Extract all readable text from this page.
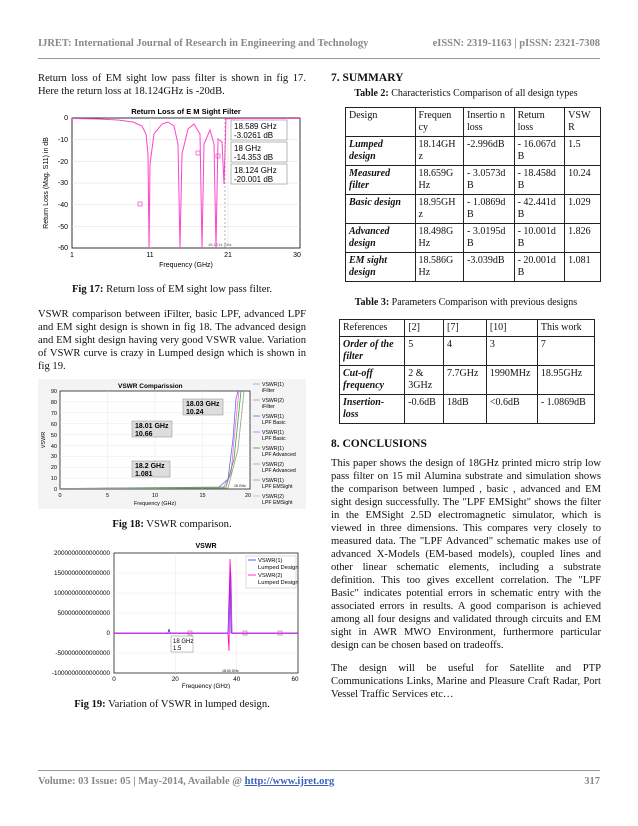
IJRET: International Journal of Research in Engineering and Technology	eISSN: 2319-1163 | pISSN: 2321-7308

Return loss of EM sight low pass filter is shown in fig 17. Here the return loss at 18.124GHz is -20dB.

Return Loss of E M Sight Filter
0
-10
-20
-30
-40
-50
-60
1	11	21	30
Frequency (GHz)
Return Loss (Mag. S11) in dB
18.589 GHz
-3.0261 dB
18 GHz
-14.353 dB
18.124 GHz
-20.001 dB
18.1214 GHz

Fig 17: Return loss of EM sight low pass filter.

VSWR comparison between iFilter, basic LPF, advanced LPF and EM sight design is shown in fig 18. The advanced design and EM sight design having very good VSWR value. Variation of VSWR curve is crazy in Lumped design which is shown in fig 19.

VSWR Comparission
90
80
70
60
50
40
30
20
10
0
0	5	10	15	20
Frequency (GHz)
VSWR
18.03 GHz
10.24
18.01 GHz
10.66
18.2 GHz
1.081
18 GHz
VSWR(1)
iFilter
VSWR(2)
iFilter
VSWR(1)
LPF Basic
VSWR(1)
LPF Basic
VSWR(1)
LPF Advanced
VSWR(2)
LPF Advanced
VSWR(1)
LPF EMSight
VSWR(2)
LPF EMSight

Fig 18: VSWR comparison.

VSWR
2000000000000000
1500000000000000
1000000000000000
500000000000000
0
-500000000000000
-1000000000000000
0	20	40	60
Frequency (GHz)
18 GHz
1.5
18.04 GHz
VSWR(1)
Lumped Design
VSWR(2)
Lumped Design

Fig 19: Variation of VSWR in lumped design.

7. SUMMARY

Table 2: Characteristics Comparison of all design types

Design	Frequen cy	Insertio n loss	Return loss	VSW R
Lumped design	18.14GH z	-2.996dB	- 16.067d B	1.5
Measured filter	18.659G Hz	- 3.0573d B	- 18.458d B	10.24
Basic design	18.95GH z	- 1.0869d B	- 42.441d B	1.029
Advanced design	18.498G Hz	- 3.0195d B	- 10.001d B	1.826
EM sight design	18.586G Hz	-3.039dB	- 20.001d B	1.081

Table 3: Parameters Comparison with previous designs

References	[2]	[7]	[10]	This work
Order of the filter	5	4	3	7
Cut-off frequency	2 & 3GHz	7.7GHz	1990MHz	18.95GHz
Insertion- loss	-0.6dB	18dB	<0.6dB	- 1.0869dB
8. CONCLUSIONS

This paper shows the design of 18GHz printed micro strip low pass filter on 15 mil Alumina substrate and simulation shows the comparison between lumped , basic , advanced and EM sight design successfully. The "LPF EMSight" shows the filter in the EMSight 2.5D electromagnetic simulator, which is viewed in three dimensions. This compares very closely to measured data. The "LPF Advanced" schematic makes use of advanced X-Models (EM-based models), coupled lines and other linear schematic elements, including a substrate definition. This too gives excellent correlation. The "LPF Basic" indicates potential errors in schematic entry with the associated errors in results. A good comparison is achieved among all four designs and validated through circuits and EM sight in AWR MWO Environment, furthermore particular design can be chosen based on tradeoffs.

The design will be useful for Satellite and PTP Communications Links, Marine and Pleasure Craft Radar, Port Vessel Traffic Services etc…

Volume: 03 Issue: 05 | May-2014, Available @ http://www.ijret.org	317
